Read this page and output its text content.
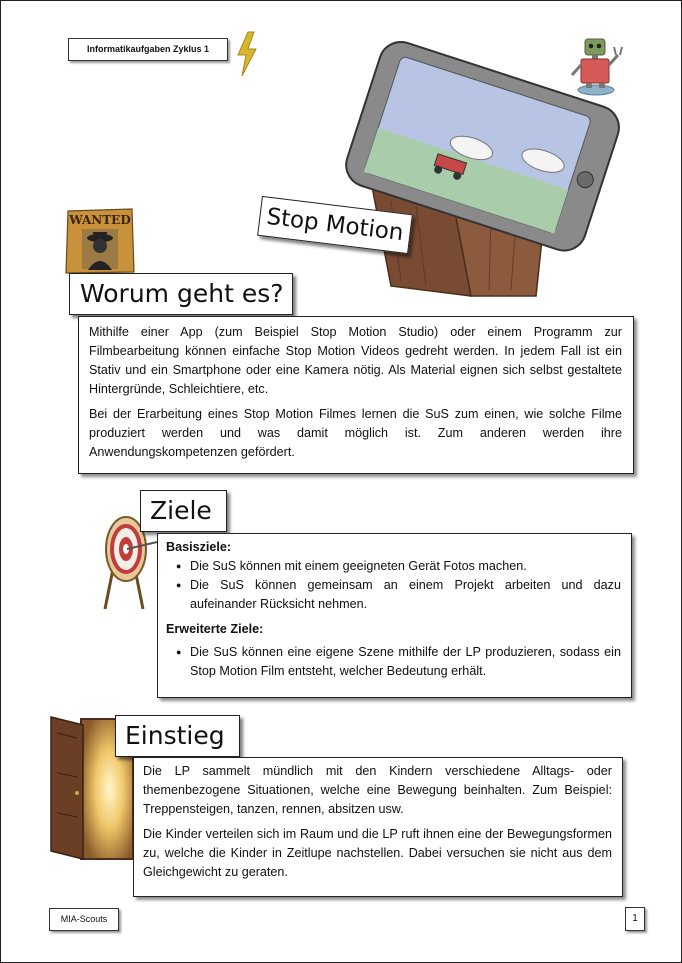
Informatikaufgaben Zyklus 1
Stop Motion
WANTED
Worum geht es?

Mithilfe einer App (zum Beispiel Stop Motion Studio) oder einem Programm zur Filmbearbeitung können einfache Stop Motion Videos gedreht werden. In jedem Fall ist ein Stativ und ein Smartphone oder eine Kamera nötig. Als Material eignen sich selbst gestaltete Hintergründe, Schleichtiere, etc.

Bei der Erarbeitung eines Stop Motion Filmes lernen die SuS zum einen, wie solche Filme produziert werden und was damit möglich ist. Zum anderen werden ihre Anwendungskompetenzen gefördert.

Ziele

Basisziele:

● Die SuS können mit einem geeigneten Gerät Fotos machen.
● Die SuS können gemeinsam an einem Projekt arbeiten und dazu aufeinander Rücksicht nehmen.

Erweiterte Ziele:

● Die SuS können eine eigene Szene mithilfe der LP produzieren, sodass ein Stop Motion Film entsteht, welcher Bedeutung erhält.
Einstieg

Die LP sammelt mündlich mit den Kindern verschiedene Alltags- oder themenbezogene Situationen, welche eine Bewegung beinhalten. Zum Beispiel: Treppensteigen, tanzen, rennen, absitzen usw.

Die Kinder verteilen sich im Raum und die LP ruft ihnen eine der Bewegungsformen zu, welche die Kinder in Zeitlupe nachstellen. Dabei versuchen sie nicht aus dem Gleichgewicht zu geraten.

MIA-Scouts	1
